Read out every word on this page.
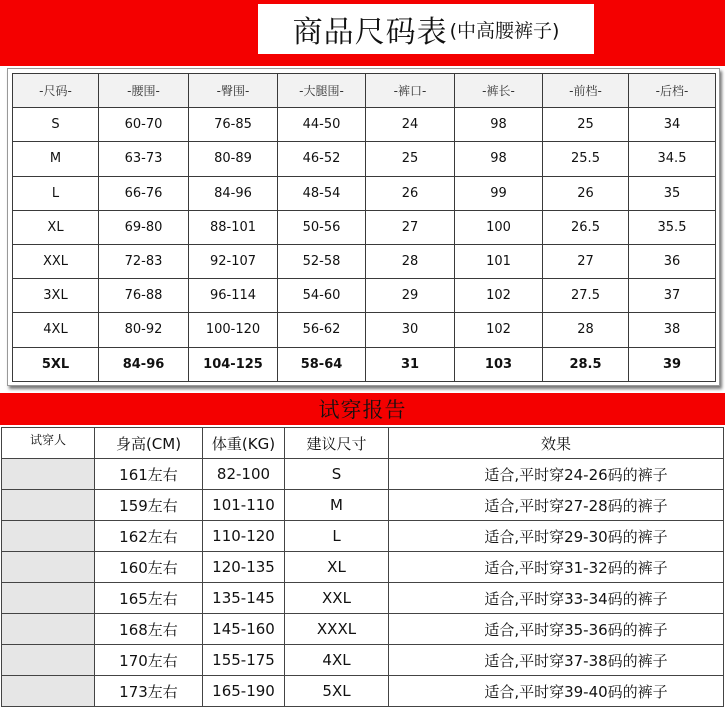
商品尺码表 (中高腰裤子)
-尺码-	-腰围-	-臀围-	-大腿围-	-裤口-	-裤长-	-前档-	-后档-
S	60-70	76-85	44-50	24	98	25	34
M	63-73	80-89	46-52	25	98	25.5	34.5
L	66-76	84-96	48-54	26	99	26	35
XL	69-80	88-101	50-56	27	100	26.5	35.5
XXL	72-83	92-107	52-58	28	101	27	36
3XL	76-88	96-114	54-60	29	102	27.5	37
4XL	80-92	100-120	56-62	30	102	28	38
5XL	84-96	104-125	58-64	31	103	28.5	39
试穿报告
试穿人	身高(CM)	体重(KG)	建议尺寸	效果
	161左右	82-100	S	适合,平时穿24-26码的裤子
	159左右	101-110	M	适合,平时穿27-28码的裤子
	162左右	110-120	L	适合,平时穿29-30码的裤子
	160左右	120-135	XL	适合,平时穿31-32码的裤子
	165左右	135-145	XXL	适合,平时穿33-34码的裤子
	168左右	145-160	XXXL	适合,平时穿35-36码的裤子
	170左右	155-175	4XL	适合,平时穿37-38码的裤子
	173左右	165-190	5XL	适合,平时穿39-40码的裤子
